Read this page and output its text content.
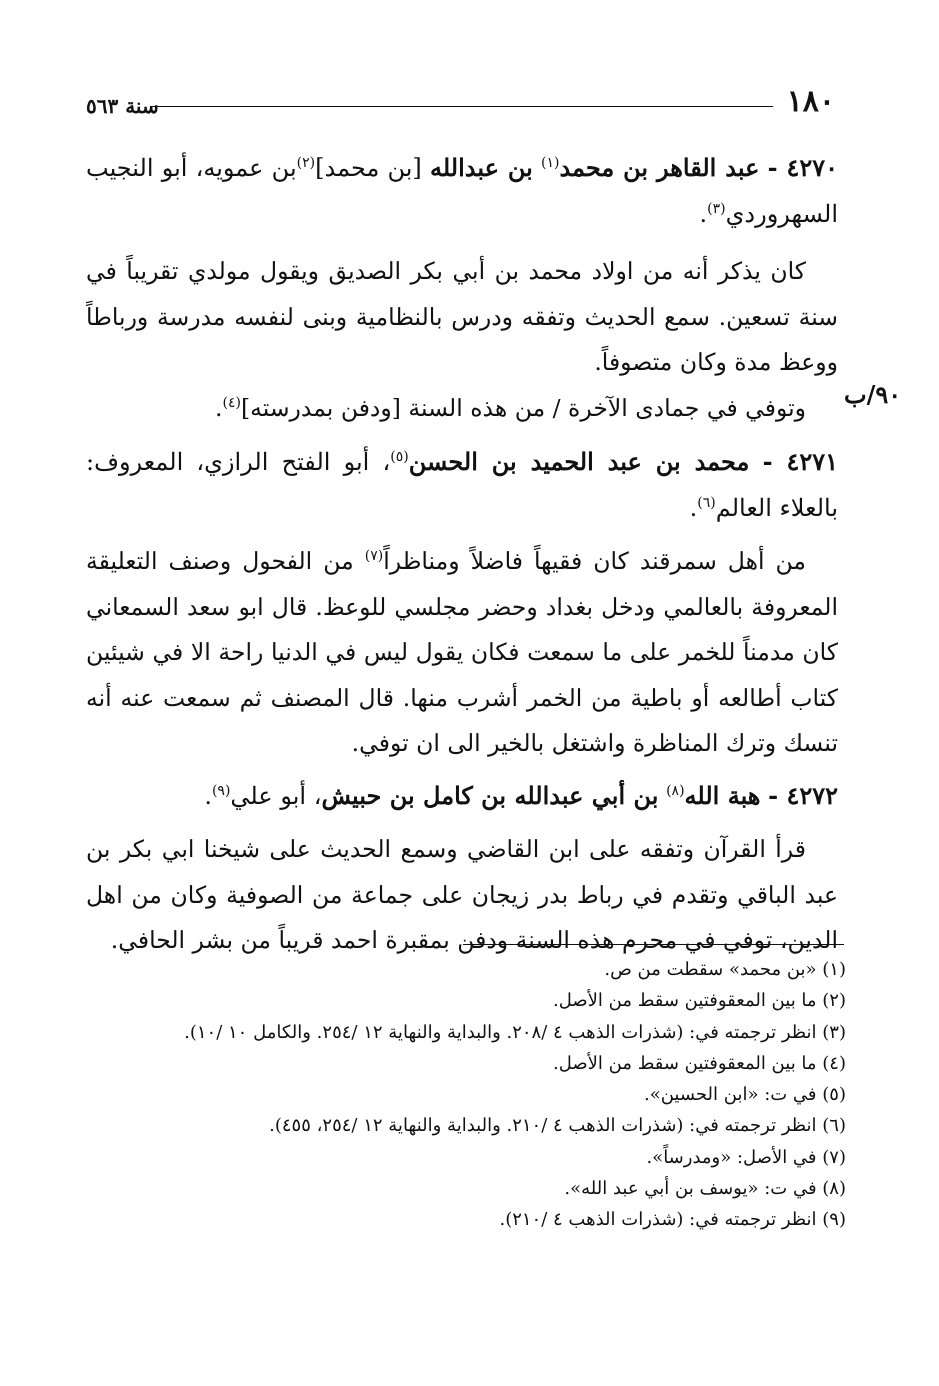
١٨٠
سنة ٥٦٣
٩٠/ب

٤٢٧٠ - عبد القاهر بن محمد$^{(١)}$ بن عبدالله [بن محمد]$^{(٢)}$بن عمويه، أبو النجيب السهروردي$^{(٣)}$.

كان يذكر أنه من اولاد محمد بن أبي بكر الصديق ويقول مولدي تقريباً في سنة تسعين. سمع الحديث وتفقه ودرس بالنظامية وبنى لنفسه مدرسة ورباطاً ووعظ مدة وكان متصوفاً.

وتوفي في جمادى الآخرة / من هذه السنة [ودفن بمدرسته]$^{(٤)}$.

٤٢٧١ - محمد بن عبد الحميد بن الحسن$^{(٥)}$، أبو الفتح الرازي، المعروف: بالعلاء العالم$^{(٦)}$.

من أهل سمرقند كان فقيهاً فاضلاً ومناظراً$^{(٧)}$ من الفحول وصنف التعليقة المعروفة بالعالمي ودخل بغداد وحضر مجلسي للوعظ. قال ابو سعد السمعاني كان مدمناً للخمر على ما سمعت فكان يقول ليس في الدنيا راحة الا في شيئين كتاب أطالعه أو باطية من الخمر أشرب منها. قال المصنف ثم سمعت عنه أنه تنسك وترك المناظرة واشتغل بالخير الى ان توفي.

٤٢٧٢ - هبة الله$^{(٨)}$ بن أبي عبدالله بن كامل بن حبيش، أبو علي$^{(٩)}$.

قرأ القرآن وتفقه على ابن القاضي وسمع الحديث على شيخنا ابي بكر بن عبد الباقي وتقدم في رباط بدر زيجان على جماعة من الصوفية وكان من اهل الدين، توفي في محرم هذه السنة ودفن بمقبرة احمد قريباً من بشر الحافي.

(١) «بن محمد» سقطت من ص.

(٢) ما بين المعقوفتين سقط من الأصل.

(٣) انظر ترجمته في: (شذرات الذهب ٤ /٢٠٨. والبداية والنهاية ١٢ /٢٥٤. والكامل ١٠ /١٠).

(٤) ما بين المعقوفتين سقط من الأصل.

(٥) في ت: «ابن الحسين».

(٦) انظر ترجمته في: (شذرات الذهب ٤ /٢١٠. والبداية والنهاية ١٢ /٢٥٤، ٤٥٥).

(٧) في الأصل: «ومدرساً».

(٨) في ت: «يوسف بن أبي عبد الله».

(٩) انظر ترجمته في: (شذرات الذهب ٤ /٢١٠).
